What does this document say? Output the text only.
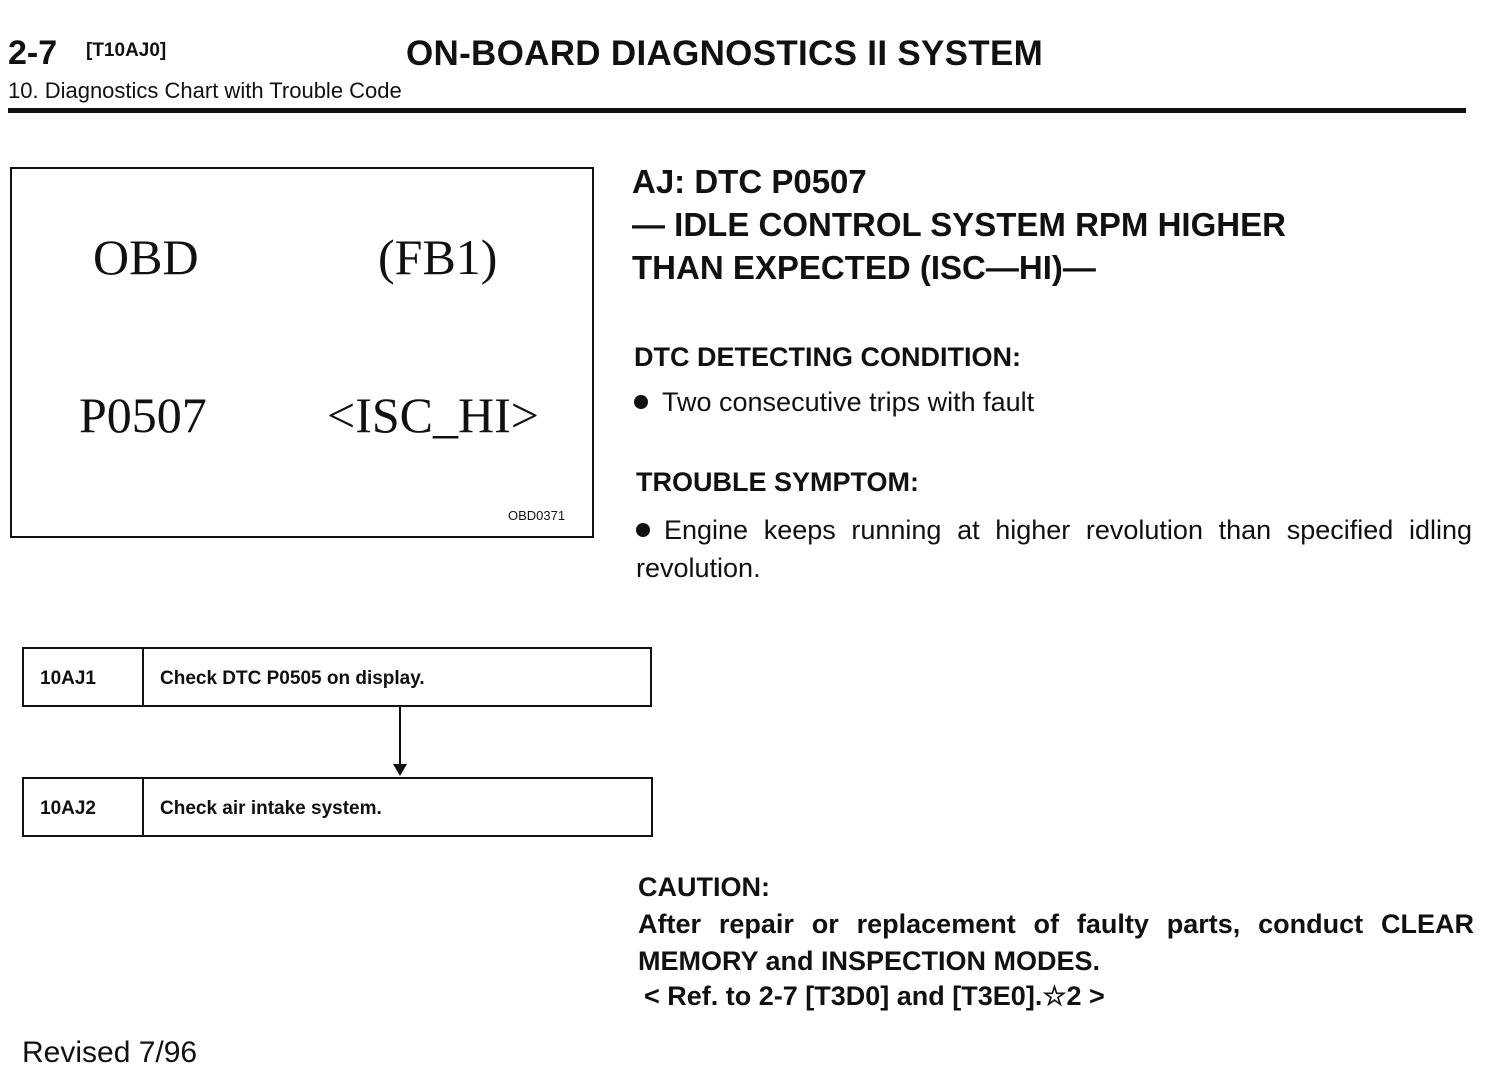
2-7 [T10AJ0]	ON-BOARD DIAGNOSTICS II SYSTEM
10. Diagnostics Chart with Trouble Code
OBD	(FB1)
P0507 <ISC_HI>
OBD0371
AJ: DTC P0507
— IDLE CONTROL SYSTEM RPM HIGHER
THAN EXPECTED (ISC—HI)—
DTC DETECTING CONDITION:
Two consecutive trips with fault
TROUBLE SYMPTOM:
Engine keeps running at higher revolution than specified idling revolution.
10AJ1	Check DTC P0505 on display.
10AJ2	Check air intake system.
CAUTION:
After repair or replacement of faulty parts, conduct CLEAR MEMORY and INSPECTION MODES.
< Ref. to 2-7 [T3D0] and [T3E0].☆2 >
Revised 7/96
